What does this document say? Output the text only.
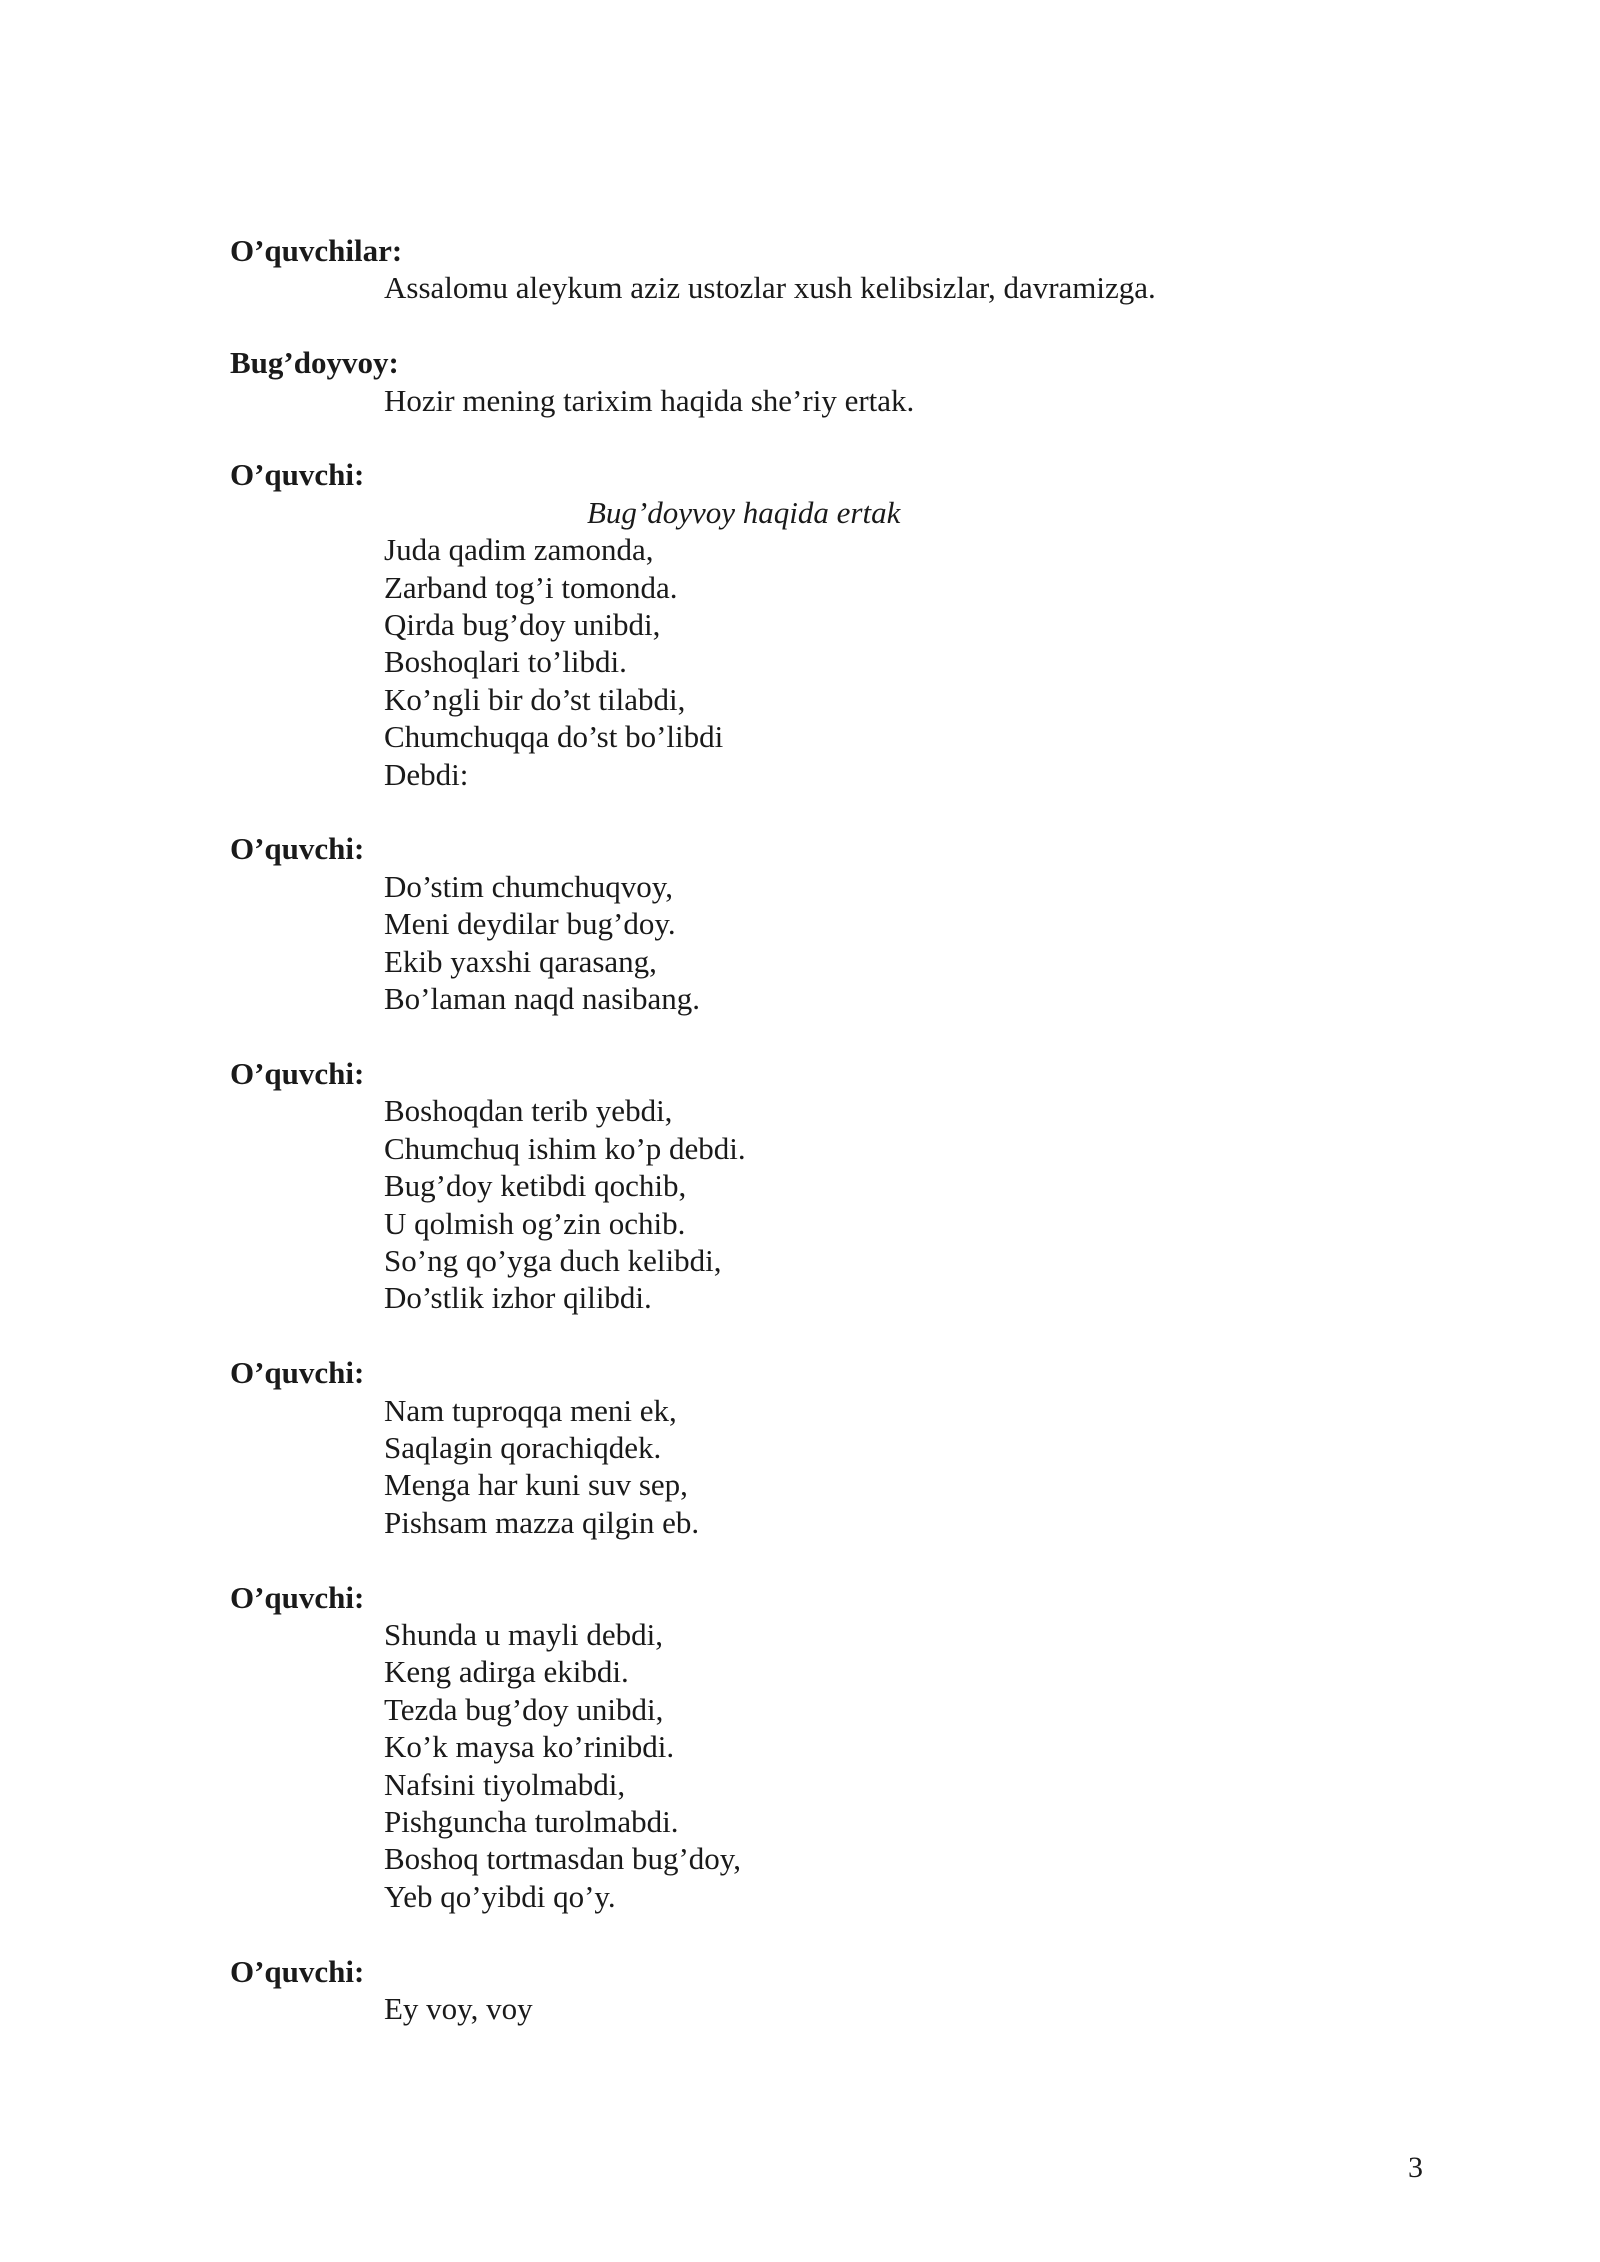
O’quvchilar:
Assalomu aleykum aziz ustozlar xush kelibsizlar, davramizga.
Bug’doyvoy:
Hozir mening tarixim haqida she’riy ertak.
O’quvchi:
Bug’doyvoy haqida ertak
Juda qadim zamonda,
Zarband tog’i tomonda.
Qirda bug’doy unibdi,
Boshoqlari to’libdi.
Ko’ngli bir do’st tilabdi,
Chumchuqqa do’st bo’libdi
Debdi:
O’quvchi:
Do’stim chumchuqvoy,
Meni deydilar bug’doy.
Ekib yaxshi qarasang,
Bo’laman naqd nasibang.
O’quvchi:
Boshoqdan terib yebdi,
Chumchuq ishim ko’p debdi.
Bug’doy ketibdi qochib,
U qolmish og’zin ochib.
So’ng qo’yga duch kelibdi,
Do’stlik izhor qilibdi.
O’quvchi:
Nam tuproqqa meni ek,
Saqlagin qorachiqdek.
Menga har kuni suv sep,
Pishsam mazza qilgin eb.
O’quvchi:
Shunda u mayli debdi,
Keng adirga ekibdi.
Tezda bug’doy unibdi,
Ko’k maysa ko’rinibdi.
Nafsini tiyolmabdi,
Pishguncha turolmabdi.
Boshoq tortmasdan bug’doy,
Yeb qo’yibdi qo’y.
O’quvchi:
Ey voy, voy
3
